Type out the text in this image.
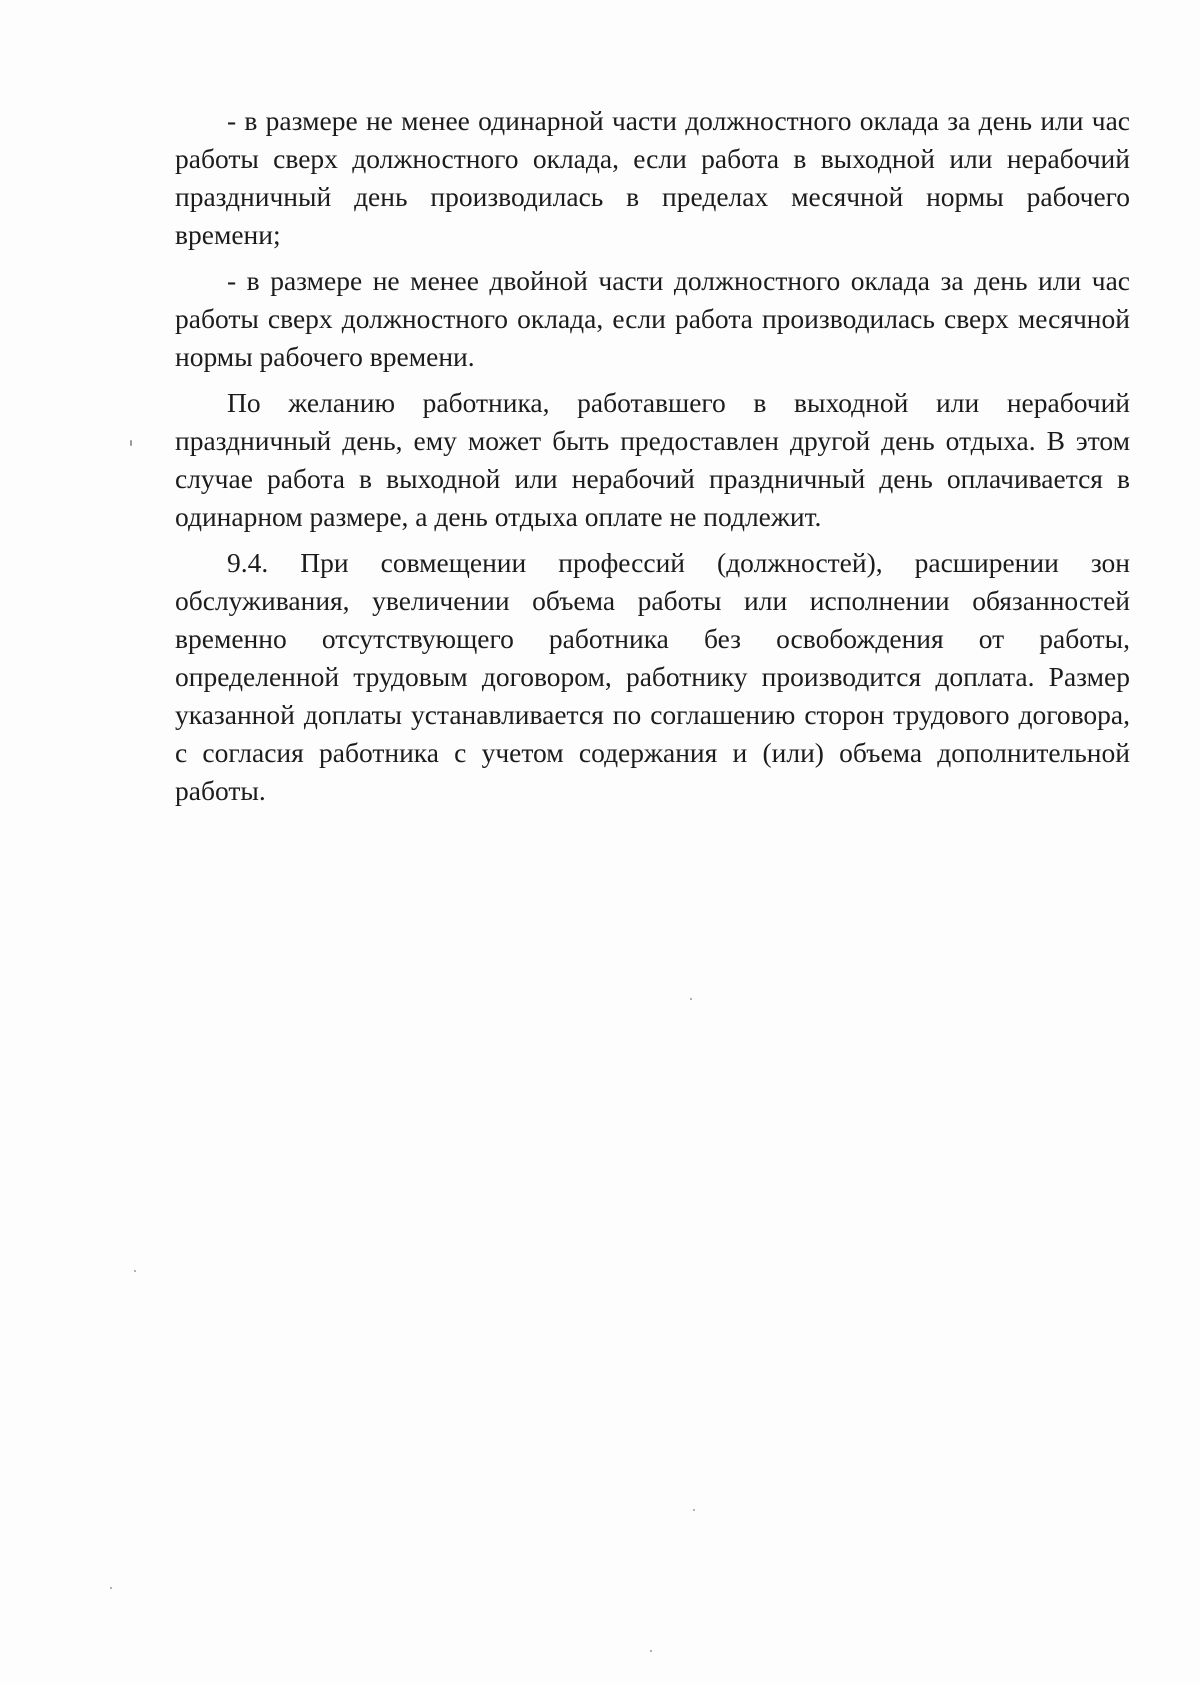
- в размере не менее одинарной части должностного оклада за день или час работы сверх должностного оклада, если работа в выходной или нерабочий праздничный день производилась в пределах месячной нормы рабочего времени;

- в размере не менее двойной части должностного оклада за день или час работы сверх должностного оклада, если работа производилась сверх месячной нормы рабочего времени.

По желанию работника, работавшего в выходной или нерабочий праздничный день, ему может быть предоставлен другой день отдыха. В этом случае работа в выходной или нерабочий праздничный день оплачивается в одинарном размере, а день отдыха оплате не подлежит.

9.4. При совмещении профессий (должностей), расширении зон обслуживания, увеличении объема работы или исполнении обязанностей временно отсутствующего работника без освобождения от работы, определенной трудовым договором, работнику производится доплата. Размер указанной доплаты устанавливается по соглашению сторон трудового договора, с согласия работника с учетом содержания и (или) объема дополнительной работы.
